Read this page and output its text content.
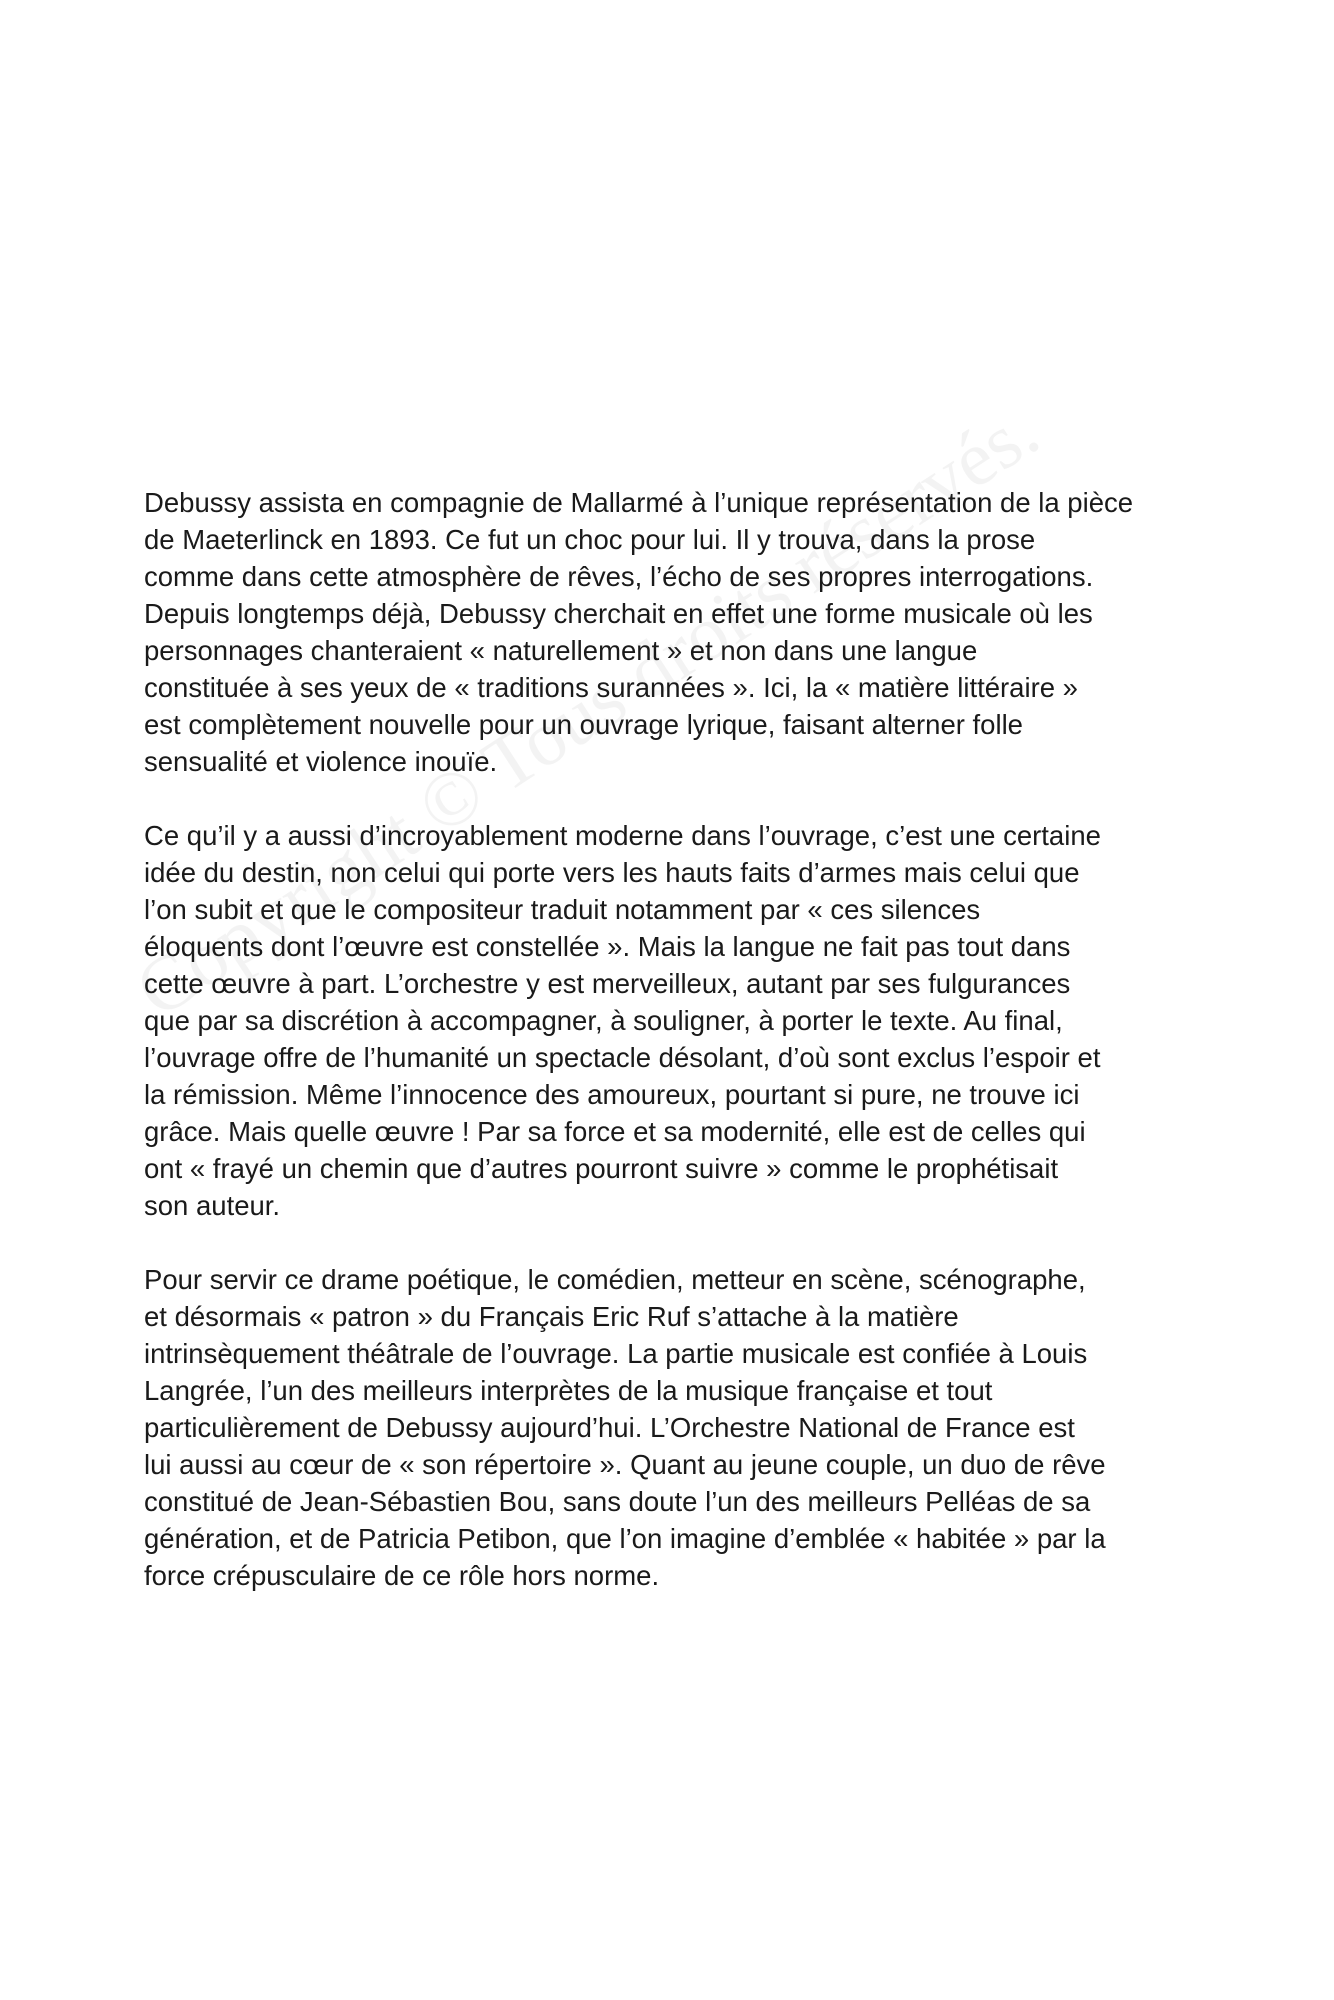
Debussy assista en compagnie de Mallarmé à l’unique représentation de la pièce
de Maeterlinck en 1893. Ce fut un choc pour lui. Il y trouva, dans la prose
comme dans cette atmosphère de rêves, l’écho de ses propres interrogations.
Depuis longtemps déjà, Debussy cherchait en effet une forme musicale où les
personnages chanteraient « naturellement » et non dans une langue
constituée à ses yeux de « traditions surannées ». Ici, la « matière littéraire »
est complètement nouvelle pour un ouvrage lyrique, faisant alterner folle
sensualité et violence inouïe.

Ce qu’il y a aussi d’incroyablement moderne dans l’ouvrage, c’est une certaine
idée du destin, non celui qui porte vers les hauts faits d’armes mais celui que
l’on subit et que le compositeur traduit notamment par « ces silences
éloquents dont l’œuvre est constellée ». Mais la langue ne fait pas tout dans
cette œuvre à part. L’orchestre y est merveilleux, autant par ses fulgurances
que par sa discrétion à accompagner, à souligner, à porter le texte. Au final,
l’ouvrage offre de l’humanité un spectacle désolant, d’où sont exclus l’espoir et
la rémission. Même l’innocence des amoureux, pourtant si pure, ne trouve ici
grâce. Mais quelle œuvre ! Par sa force et sa modernité, elle est de celles qui
ont « frayé un chemin que d’autres pourront suivre » comme le prophétisait
son auteur.

Pour servir ce drame poétique, le comédien, metteur en scène, scénographe,
et désormais « patron » du Français Eric Ruf s’attache à la matière
intrinsèquement théâtrale de l’ouvrage. La partie musicale est confiée à Louis
Langrée, l’un des meilleurs interprètes de la musique française et tout
particulièrement de Debussy aujourd’hui. L’Orchestre National de France est
lui aussi au cœur de « son répertoire ». Quant au jeune couple, un duo de rêve
constitué de Jean-Sébastien Bou, sans doute l’un des meilleurs Pelléas de sa
génération, et de Patricia Petibon, que l’on imagine d’emblée « habitée » par la
force crépusculaire de ce rôle hors norme.
